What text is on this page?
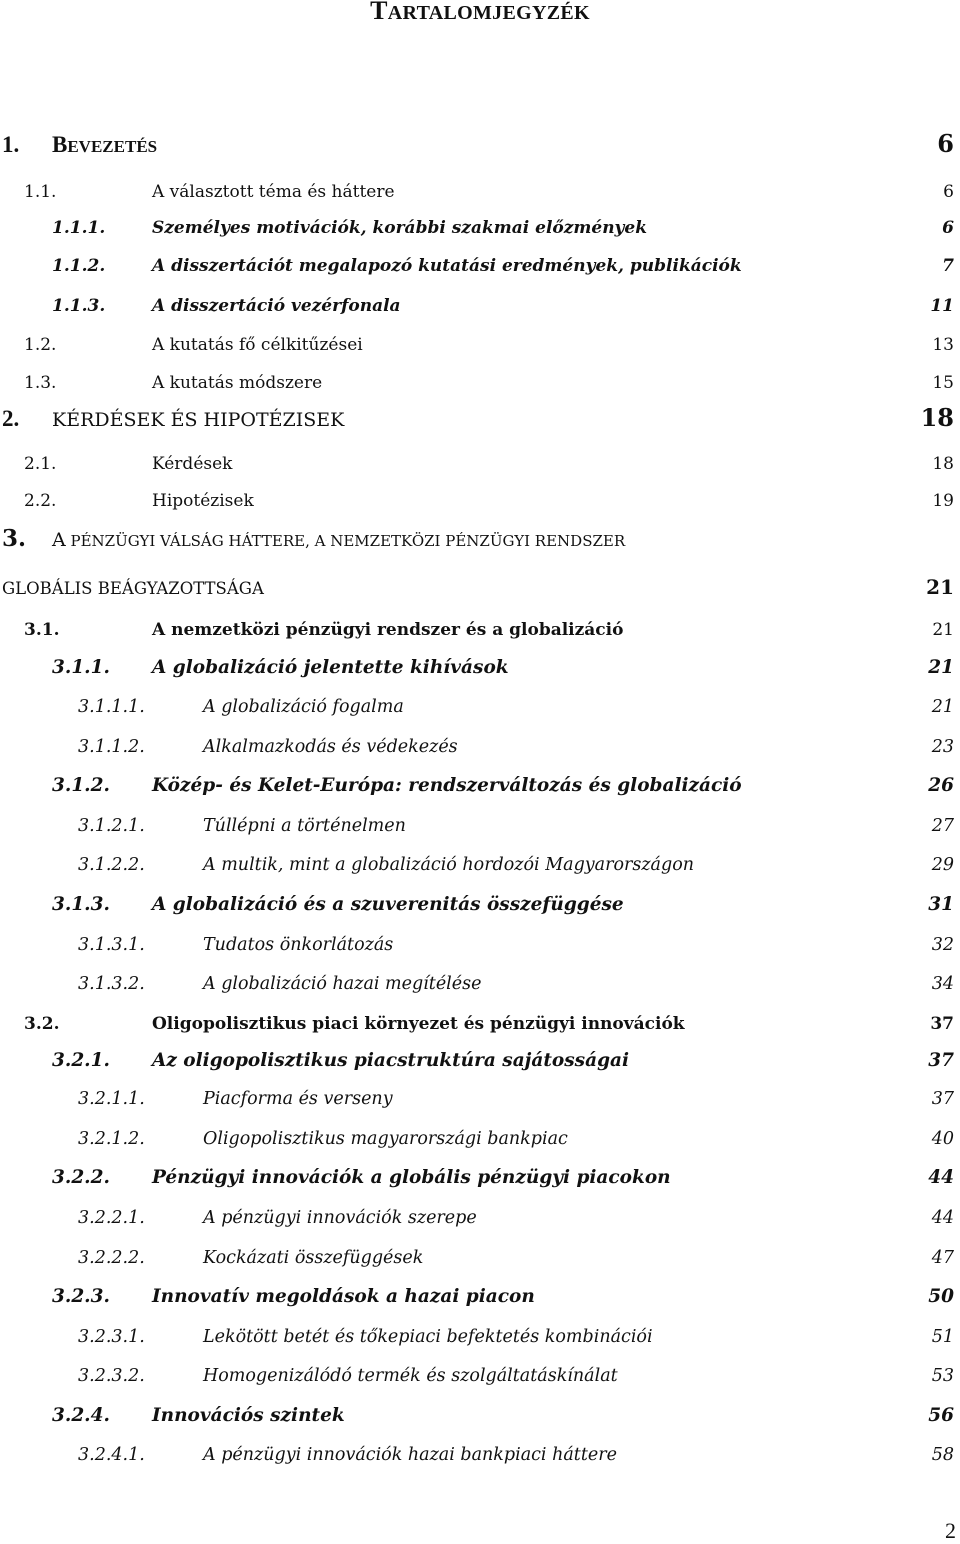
TARTALOMJEGYZÉK
1. BEVEZETÉS	6
1.1.	A választott téma és háttere	6
1.1.1.	Személyes motivációk, korábbi szakmai előzmények	6
1.1.2.	A disszertációt megalapozó kutatási eredmények, publikációk	7
1.1.3.	A disszertáció vezérfonala	11
1.2.	A kutatás fő célkitűzései	13
1.3.	A kutatás módszere	15
2. KÉRDÉSEK ÉS HIPOTÉZISEK	18
2.1.	Kérdések	18
2.2.	Hipotézisek	19
3. A PÉNZÜGYI VÁLSÁG HÁTTERE, A NEMZETKÖZI PÉNZÜGYI RENDSZER
GLOBÁLIS BEÁGYAZOTTSÁGA	21
3.1.	A nemzetközi pénzügyi rendszer és a globalizáció	21
3.1.1. A globalizáció jelentette kihívások	21
3.1.1.1.	A globalizáció fogalma	21
3.1.1.2.	Alkalmazkodás és védekezés	23
3.1.2. Közép- és Kelet-Európa: rendszerváltozás és globalizáció	26
3.1.2.1.	Túllépni a történelmen	27
3.1.2.2.	A multik, mint a globalizáció hordozói Magyarországon	29
3.1.3. A globalizáció és a szuverenitás összefüggése	31
3.1.3.1.	Tudatos önkorlátozás	32
3.1.3.2.	A globalizáció hazai megítélése	34
3.2.	Oligopolisztikus piaci környezet és pénzügyi innovációk	37
3.2.1. Az oligopolisztikus piacstruktúra sajátosságai	37
3.2.1.1.	Piacforma és verseny	37
3.2.1.2.	Oligopolisztikus magyarországi bankpiac	40
3.2.2. Pénzügyi innovációk a globális pénzügyi piacokon	44
3.2.2.1.	A pénzügyi innovációk szerepe	44
3.2.2.2.	Kockázati összefüggések	47
3.2.3. Innovatív megoldások a hazai piacon	50
3.2.3.1.	Lekötött betét és tőkepiaci befektetés kombinációi	51
3.2.3.2.	Homogenizálódó termék és szolgáltatáskínálat	53
3.2.4. Innovációs szintek	56
3.2.4.1.	A pénzügyi innovációk hazai bankpiaci háttere	58
2
